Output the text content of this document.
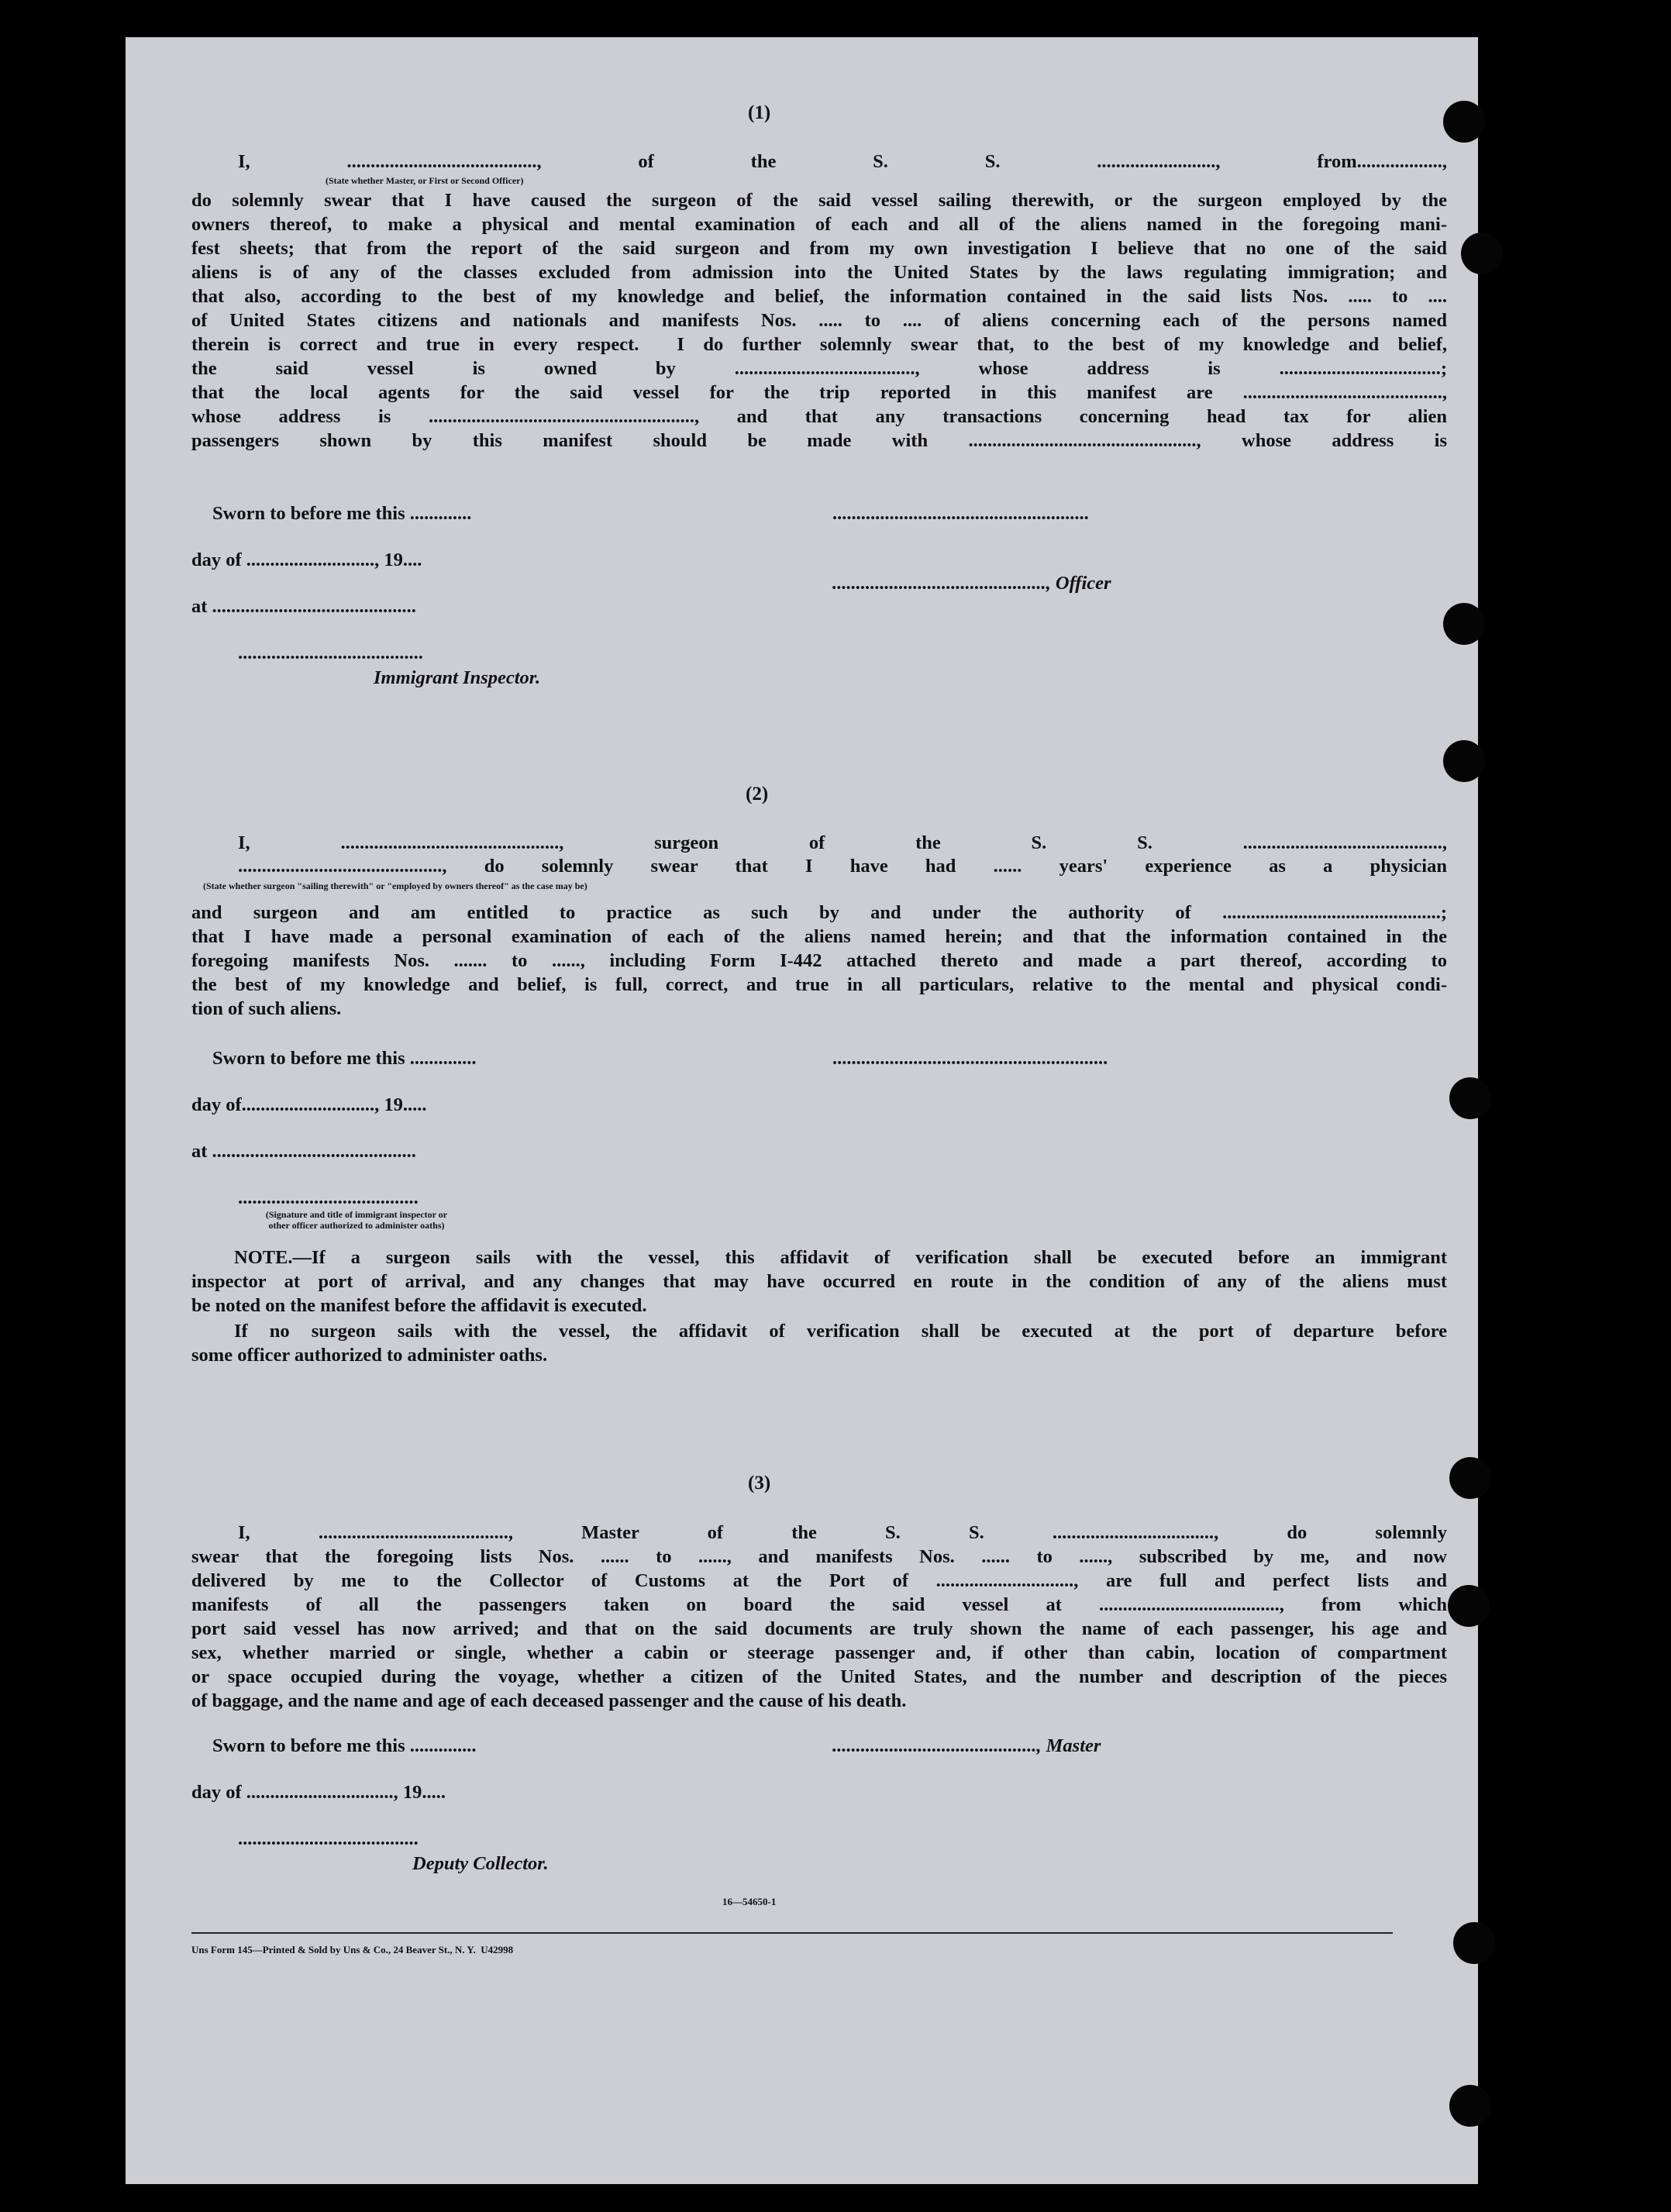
(1)
I, ........................................, of the S. S. ........................., from..................,
(State whether Master, or First or Second Officer)
do solemnly swear that I have caused the surgeon of the said vessel sailing therewith, or the surgeon employed by the
owners thereof, to make a physical and mental examination of each and all of the aliens named in the foregoing mani-
fest sheets; that from the report of the said surgeon and from my own investigation I believe that no one of the said
aliens is of any of the classes excluded from admission into the United States by the laws regulating immigration; and
that also, according to the best of my knowledge and belief, the information contained in the said lists Nos. ..... to ....
of United States citizens and nationals and manifests Nos. ..... to .... of aliens concerning each of the persons named
therein is correct and true in every respect.  I do further solemnly swear that, to the best of my knowledge and belief,
the said vessel is owned by ......................................, whose address is ..................................;
that the local agents for the said vessel for the trip reported in this manifest are ..........................................,
whose address is ........................................................, and that any transactions concerning head tax for alien
passengers shown by this manifest should be made with ................................................, whose address is
Sworn to before me this .............	......................................................
day of ..........................., 19....
............................................., Officer
at ...........................................
.......................................
Immigrant Inspector.
(2)
I, .............................................., surgeon of the S. S. ..........................................,
..........................................., do solemnly swear that I have had ...... years' experience as a physician
(State whether surgeon "sailing therewith" or "employed by owners thereof" as the case may be)
and surgeon and am entitled to practice as such by and under the authority of ..............................................;
that I have made a personal examination of each of the aliens named herein; and that the information contained in the
foregoing manifests Nos. ....... to ......, including Form I-442 attached thereto and made a part thereof, according to
the best of my knowledge and belief, is full, correct, and true in all particulars, relative to the mental and physical condi-
tion of such aliens.
Sworn to before me this ..............	..........................................................
day of............................, 19.....
at ...........................................
......................................
(Signature and title of immigrant inspector or
other officer authorized to administer oaths)
NOTE.—If a surgeon sails with the vessel, this affidavit of verification shall be executed before an immigrant
inspector at port of arrival, and any changes that may have occurred en route in the condition of any of the aliens must
be noted on the manifest before the affidavit is executed.
If no surgeon sails with the vessel, the affidavit of verification shall be executed at the port of departure before
some officer authorized to administer oaths.
(3)
I, ........................................, Master of the S. S. .................................., do solemnly
swear that the foregoing lists Nos. ...... to ......, and manifests Nos. ...... to ......, subscribed by me, and now
delivered by me to the Collector of Customs at the Port of ............................., are full and perfect lists and
manifests of all the passengers taken on board the said vessel at ......................................, from which
port said vessel has now arrived; and that on the said documents are truly shown the name of each passenger, his age and
sex, whether married or single, whether a cabin or steerage passenger and, if other than cabin, location of compartment
or space occupied during the voyage, whether a citizen of the United States, and the number and description of the pieces
of baggage, and the name and age of each deceased passenger and the cause of his death.
Sworn to before me this ..............	..........................................., Master
day of ..............................., 19.....
......................................
Deputy Collector.
16—54650-1
Uns Form 145—Printed & Sold by Uns & Co., 24 Beaver St., N. Y.  U42998
